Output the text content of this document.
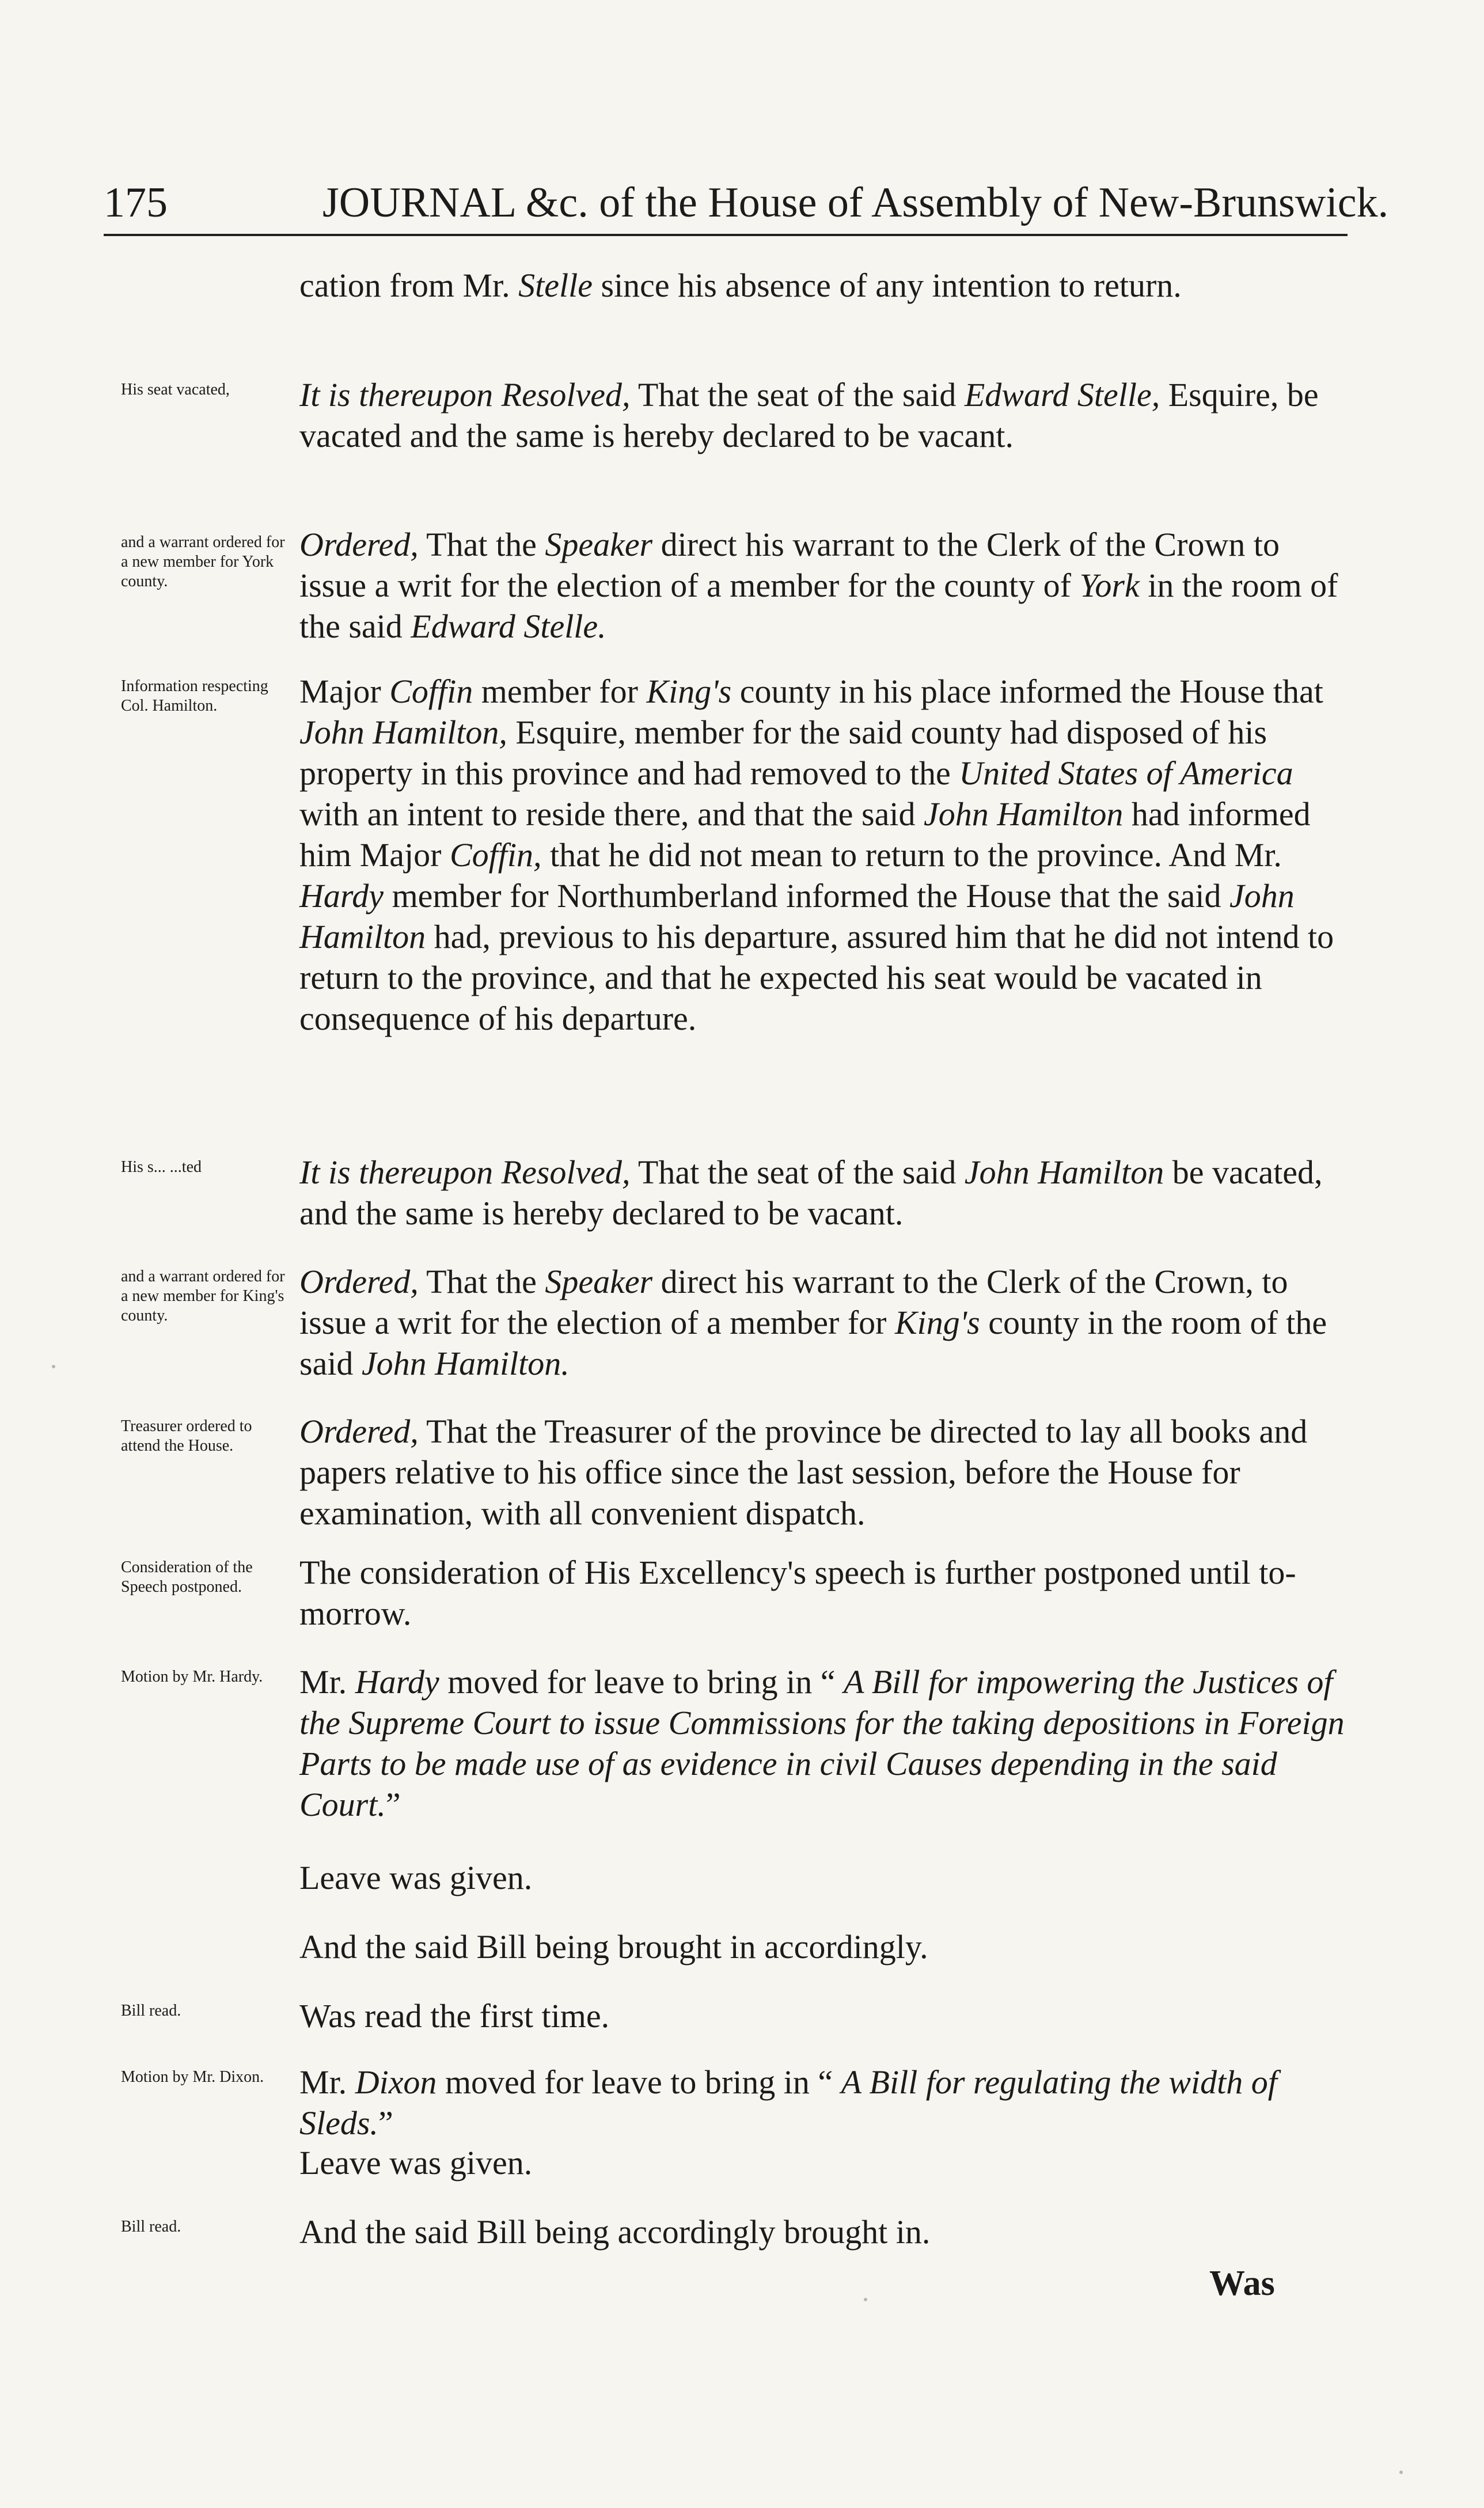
175	JOURNAL &c. of the House of Assembly of New-Brunswick.
His seat vacated,
and a warrant ordered for a new member for York county.
Information respecting Col. Hamilton.
His s... ...ted
and a warrant ordered for a new member for King's county.
Treasurer ordered to attend the House.
Consideration of the Speech postponed.
Motion by Mr. Hardy.
Bill read.
Motion by Mr. Dixon.
Bill read.
cation from Mr. Stelle since his absence of any intention to return.
It is thereupon Resolved, That the seat of the said Edward Stelle, Esquire, be vacated and the same is hereby declared to be vacant.
Ordered, That the Speaker direct his warrant to the Clerk of the Crown to issue a writ for the election of a member for the county of York in the room of the said Edward Stelle.
Major Coffin member for King's county in his place informed the House that John Hamilton, Esquire, member for the said county had disposed of his property in this province and had removed to the United States of America with an intent to reside there, and that the said John Hamilton had informed him Major Coffin, that he did not mean to return to the province. And Mr. Hardy member for Northumberland informed the House that the said John Hamilton had, previous to his departure, assured him that he did not intend to return to the province, and that he expected his seat would be vacated in consequence of his departure.
It is thereupon Resolved, That the seat of the said John Hamilton be vacated, and the same is hereby declared to be vacant.
Ordered, That the Speaker direct his warrant to the Clerk of the Crown, to issue a writ for the election of a member for King's county in the room of the said John Hamilton.
Ordered, That the Treasurer of the province be directed to lay all books and papers relative to his office since the last session, before the House for examination, with all convenient dispatch.
The consideration of His Excellency's speech is further postponed until to-morrow.
Mr. Hardy moved for leave to bring in “ A Bill for impowering the Justices of the Supreme Court to issue Commissions for the taking depositions in Foreign Parts to be made use of as evidence in civil Causes depending in the said Court.”
Leave was given.
And the said Bill being brought in accordingly.
Was read the first time.
Mr. Dixon moved for leave to bring in “ A Bill for regulating the width of Sleds.”
Leave was given.
And the said Bill being accordingly brought in.
Was
